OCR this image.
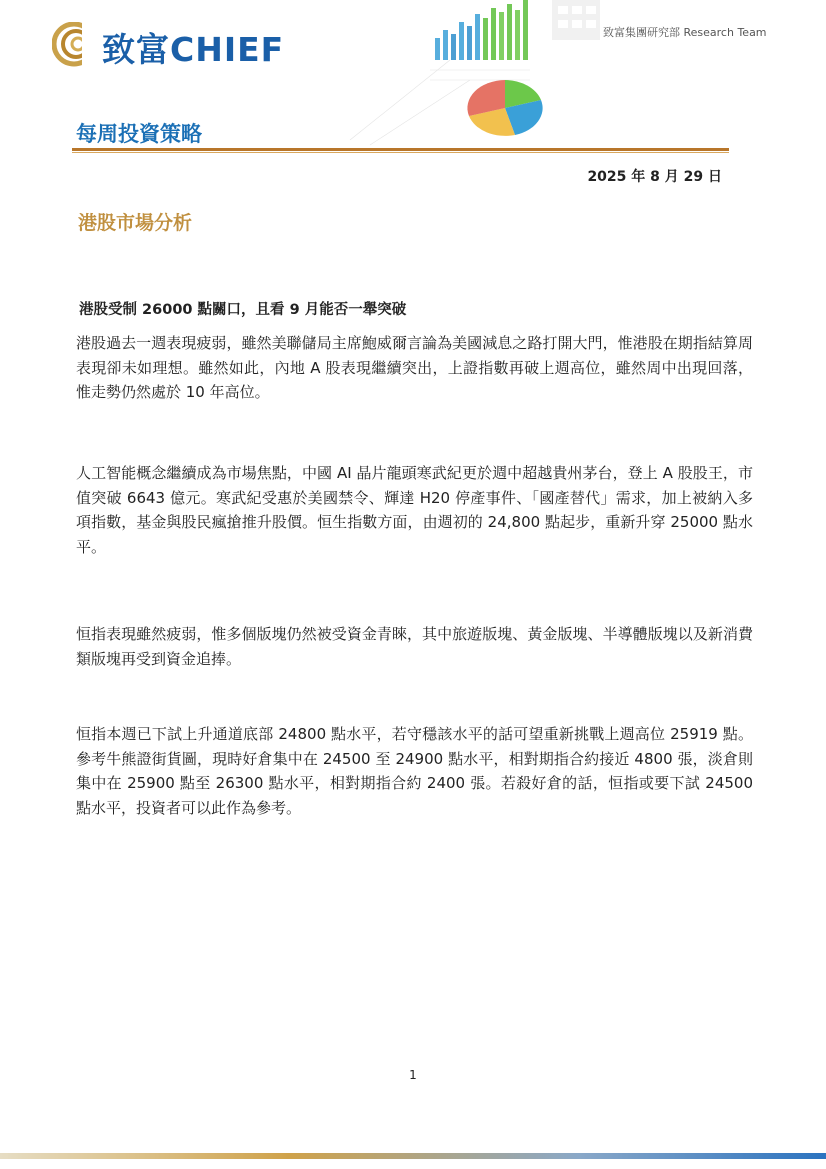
致富CHIEF	致富集團研究部 Research Team
每周投資策略
2025 年 8 月 29 日
港股市場分析
港股受制 26000 點關口，且看 9 月能否一舉突破

港股過去一週表現疲弱，雖然美聯儲局主席鮑威爾言論為美國減息之路打開大門，惟港股在期指結算周表現卻未如理想。雖然如此，內地 A 股表現繼續突出，上證指數再破上週高位，雖然周中出現回落，惟走勢仍然處於 10 年高位。

人工智能概念繼續成為市場焦點，中國 AI 晶片龍頭寒武紀更於週中超越貴州茅台，登上 A 股股王，市值突破 6643 億元。寒武紀受惠於美國禁令、輝達 H20 停產事件、「國產替代」需求，加上被納入多項指數，基金與股民瘋搶推升股價。恒生指數方面，由週初的 24,800 點起步，重新升穿 25000 點水平。

恒指表現雖然疲弱，惟多個版塊仍然被受資金青睞，其中旅遊版塊、黃金版塊、半導體版塊以及新消費類版塊再受到資金追捧。

恒指本週已下試上升通道底部 24800 點水平，若守穩該水平的話可望重新挑戰上週高位 25919 點。參考牛熊證街貨圖，現時好倉集中在 24500 至 24900 點水平，相對期指合約接近 4800 張，淡倉則集中在 25900 點至 26300 點水平，相對期指合約 2400 張。若殺好倉的話，恒指或要下試 24500 點水平，投資者可以此作為參考。

1
